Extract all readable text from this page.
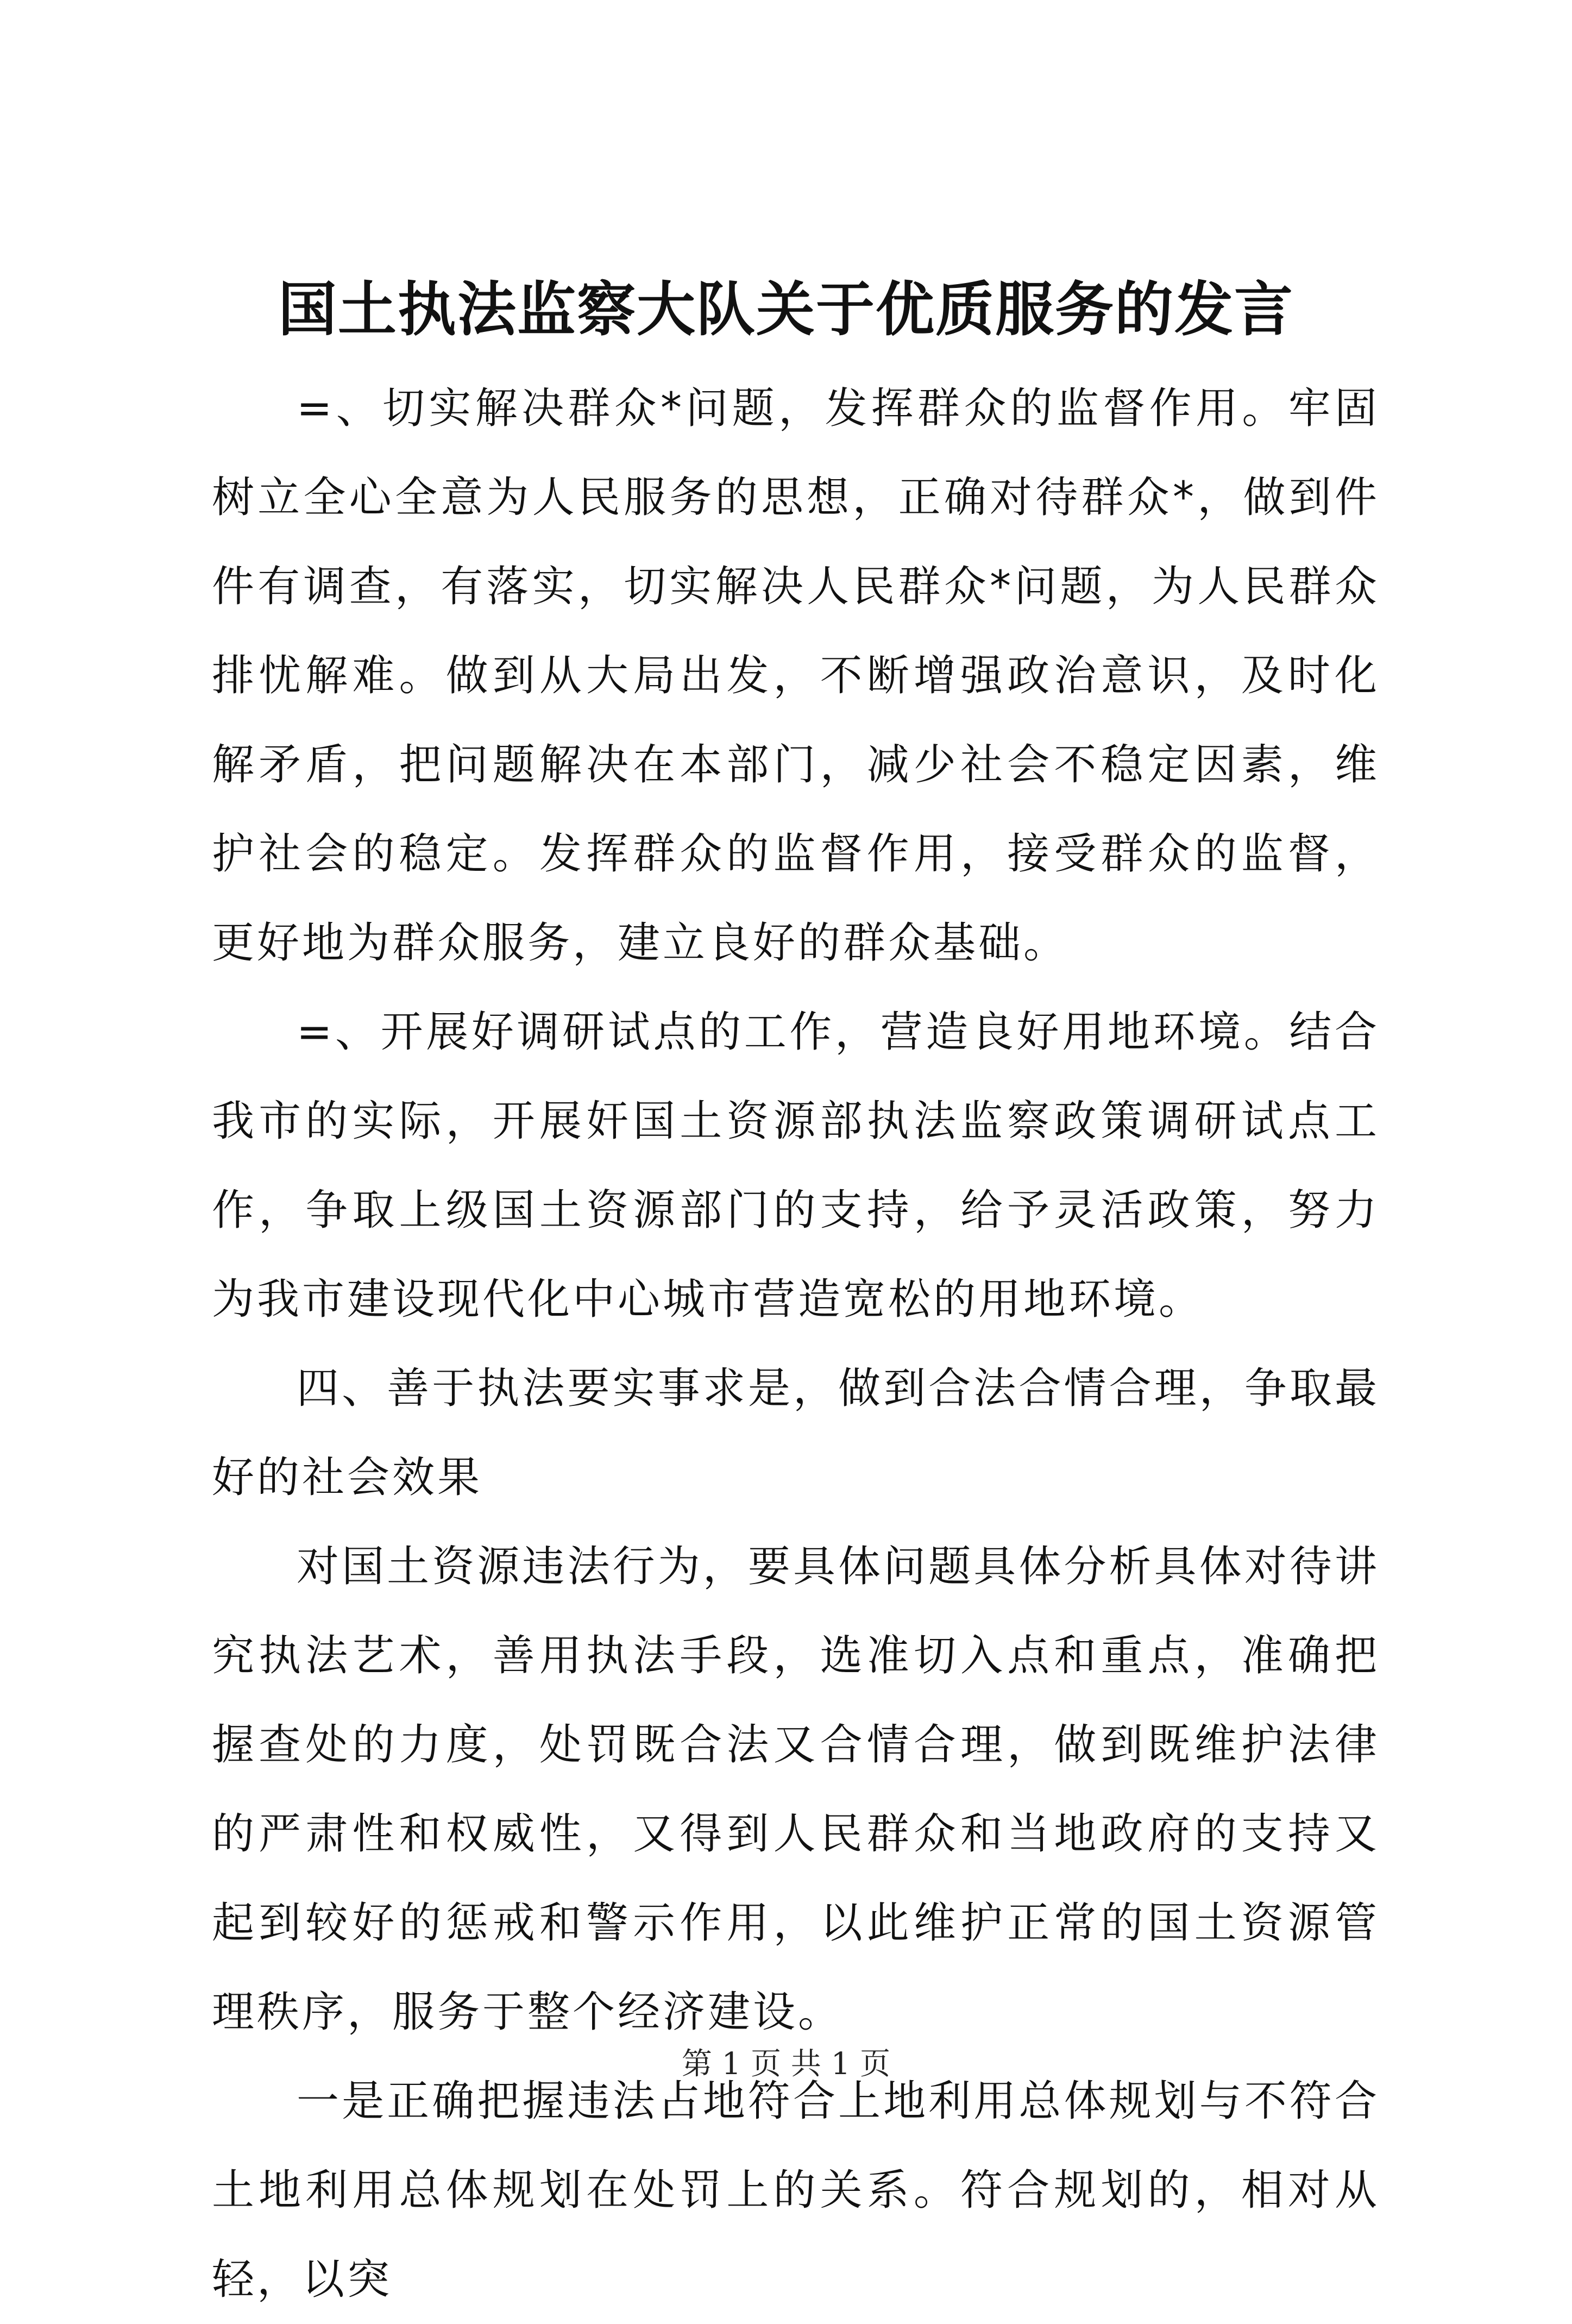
国土执法监察大队关于优质服务的发言

=、切实解决群众*问题，发挥群众的监督作用。牢固树立全心全意为人民服务的思想，正确对待群众*，做到件件有调查，有落实，切实解决人民群众*问题，为人民群众排忧解难。做到从大局出发，不断增强政治意识，及时化解矛盾，把问题解决在本部门，减少社会不稳定因素，维护社会的稳定。发挥群众的监督作用，接受群众的监督，更好地为群众服务，建立良好的群众基础。

=、开展好调研试点的工作，营造良好用地环境。结合我市的实际，开展奸国土资源部执法监察政策调研试点工作，争取上级国土资源部门的支持，给予灵活政策，努力为我市建设现代化中心城市营造宽松的用地环境。

四、善于执法要实事求是，做到合法合情合理，争取最好的社会效果

对国土资源违法行为，要具体问题具体分析具体对待讲究执法艺术，善用执法手段，选准切入点和重点，准确把握查处的力度，处罚既合法又合情合理，做到既维护法律的严肃性和权威性，又得到人民群众和当地政府的支持又起到较好的惩戒和警示作用，以此维护正常的国土资源管理秩序，服务于整个经济建设。

一是正确把握违法占地符合上地利用总体规划与不符合土地利用总体规划在处罚上的关系。符合规划的，相对从轻，以突

第 1 页 共 1 页
